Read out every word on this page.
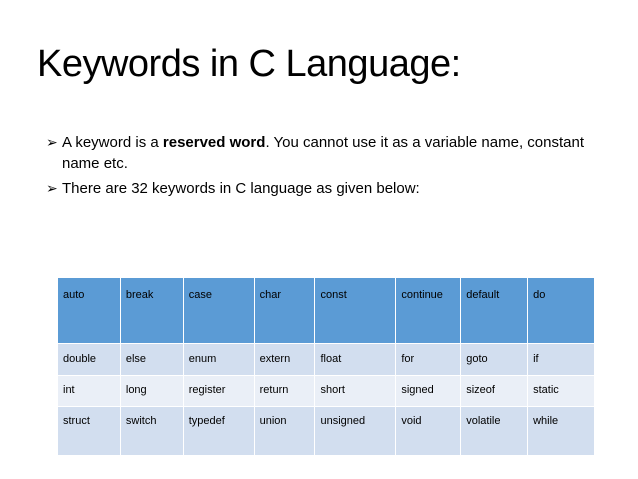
Keywords in C Language:
➢ A keyword is a reserved word. You cannot use it as a variable name, constant name etc.
➢ There are 32 keywords in C language as given below:
auto	break	case	char	const	continue	default	do
double	else	enum	extern	float	for	goto	if
int	long	register	return	short	signed	sizeof	static
struct	switch	typedef	union	unsigned	void	volatile	while
